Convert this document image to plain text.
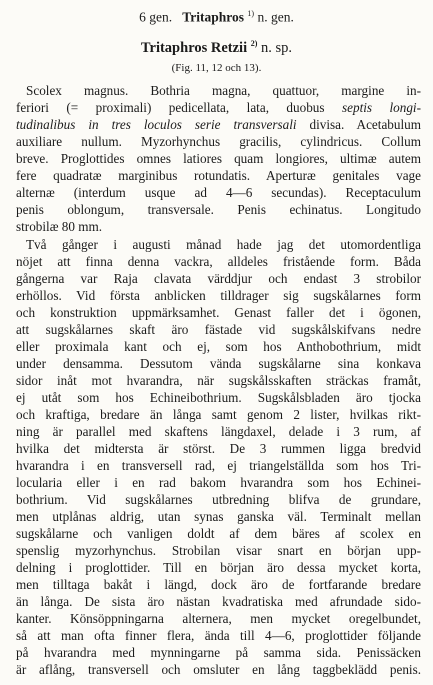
6 gen. Tritaphros $^{1)}$ n. gen.
Tritaphros Retzii $^{2)}$ n. sp.
(Fig. 11, 12 och 13).
Scolex magnus. Bothria magna, quattuor, margine in-
feriori (= proximali) pedicellata, lata, duobus septis longi-
tudinalibus in tres loculos serie transversali divisa. Acetabulum
auxiliare nullum. Myzorhynchus gracilis, cylindricus. Collum
breve. Proglottides omnes latiores quam longiores, ultimæ autem
fere quadratæ marginibus rotundatis. Aperturæ genitales vage
alternæ (interdum usque ad 4—6 secundas). Receptaculum
penis oblongum, transversale. Penis echinatus. Longitudo
strobilæ 80 mm.
Två gånger i augusti månad hade jag det utomordentliga
nöjet att finna denna vackra, alldeles fristående form. Båda
gångerna var Raja clavata värddjur och endast 3 strobilor
erhöllos. Vid första anblicken tilldrager sig sugskålarnes form
och konstruktion uppmärksamhet. Genast faller det i ögonen,
att sugskålarnes skaft äro fästade vid sugskålskifvans nedre
eller proximala kant och ej, som hos Anthobothrium, midt
under densamma. Dessutom vända sugskålarne sina konkava
sidor inåt mot hvarandra, när sugskålsskaften sträckas framåt,
ej utåt som hos Echineibothrium. Sugskålsbladen äro tjocka
och kraftiga, bredare än långa samt genom 2 lister, hvilkas rikt-
ning är parallel med skaftens längdaxel, delade i 3 rum, af
hvilka det midtersta är störst. De 3 rummen ligga bredvid
hvarandra i en transversell rad, ej triangelställda som hos Tri-
locularia eller i en rad bakom hvarandra som hos Echinei-
bothrium. Vid sugskålarnes utbredning blifva de grundare,
men utplånas aldrig, utan synas ganska väl. Terminalt mellan
sugskålarne och vanligen doldt af dem bäres af scolex en
spenslig myzorhynchus. Strobilan visar snart en början upp-
delning i proglottider. Till en början äro dessa mycket korta,
men tilltaga bakåt i längd, dock äro de fortfarande bredare
än långa. De sista äro nästan kvadratiska med afrundade sido-
kanter. Könsöppningarna alternera, men mycket oregelbundet,
så att man ofta finner flera, ända till 4—6, proglottider följande
på hvarandra med mynningarne på samma sida. Penissäcken
är aflång, transversell och omsluter en lång taggbeklädd penis.
